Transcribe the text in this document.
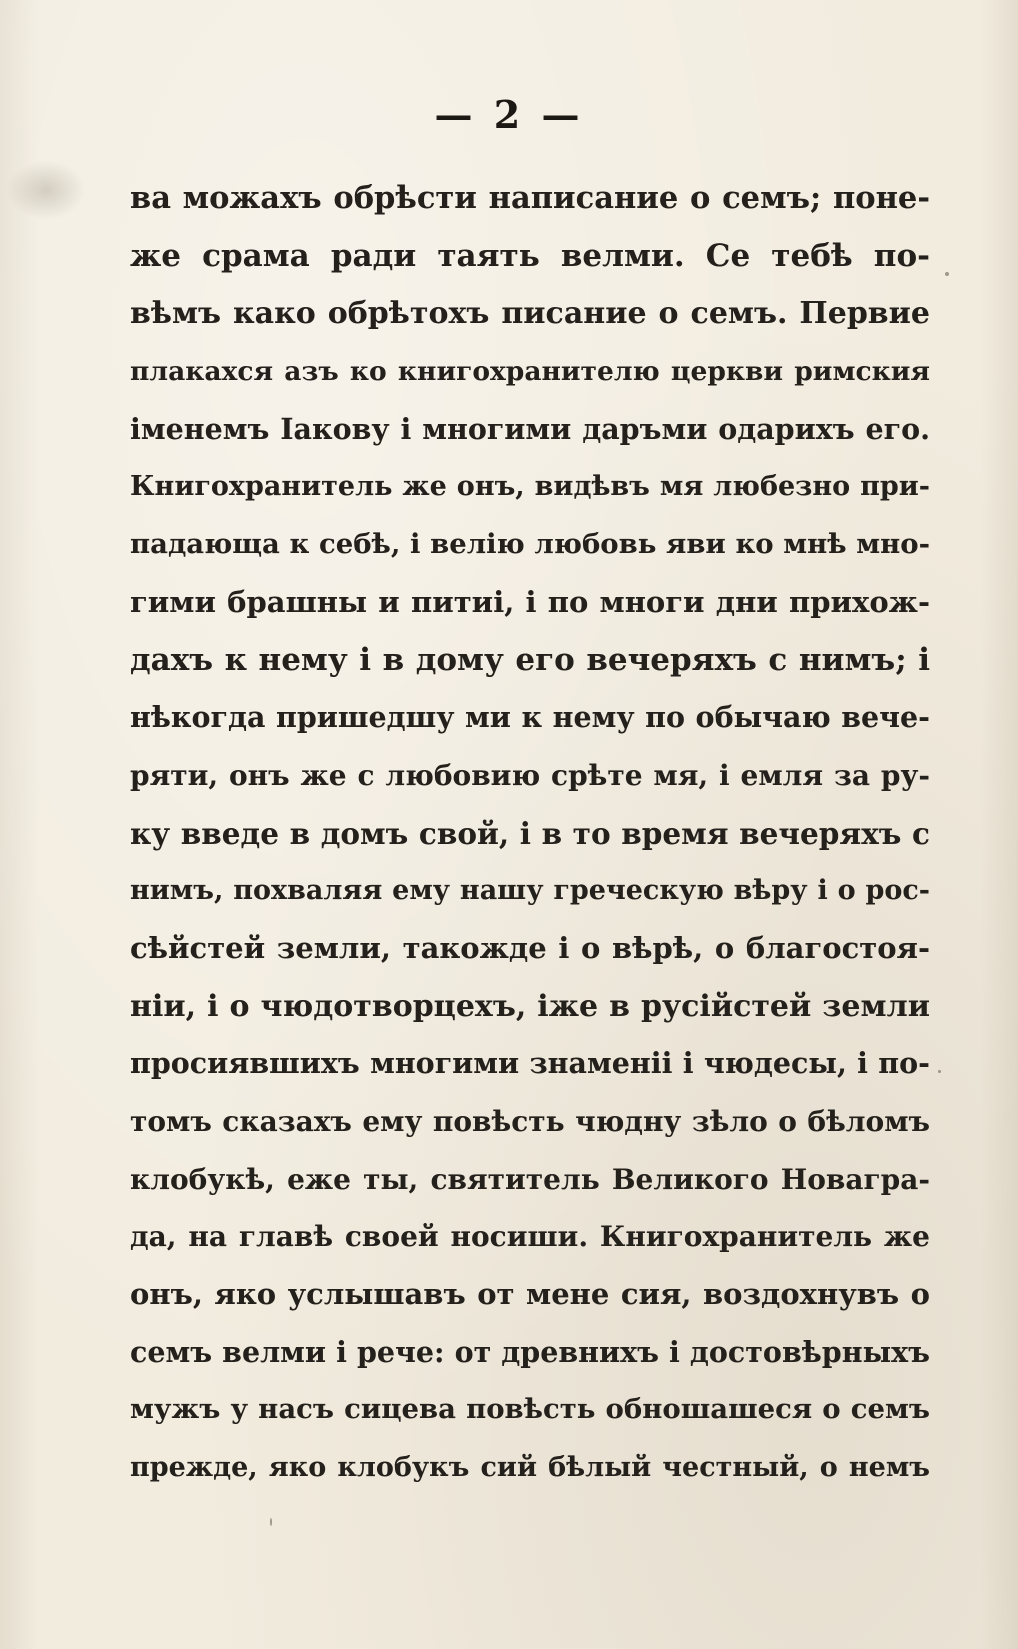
— 2 —
ва можахъ обрѣсти написание о семъ; поне-
же срама ради таять велми. Се тебѣ по-
вѣмъ како обрѣтохъ писание о семъ. Первие
плакахся азъ ко книгохранителю церкви римския
іменемъ Іакову і многими даръми одарихъ его.
Книгохранитель же онъ, видѣвъ мя любезно при-
падающа к себѣ, і велію любовь яви ко мнѣ мно-
гими брашны и питиі, і по многи дни прихож-
дахъ к нему і в дому его вечеряхъ с нимъ; і
нѣкогда пришедшу ми к нему по обычаю вече-
ряти, онъ же с любовию срѣте мя, і емля за ру-
ку введе в домъ свой, і в то время вечеряхъ с
нимъ, похваляя ему нашу греческую вѣру і о рос-
сѣйстей земли, такожде і о вѣрѣ, о благостоя-
ніи, і о чюдотворцехъ, іже в русійстей земли
просиявшихъ многими знаменіі і чюдесы, і по-
томъ сказахъ ему повѣсть чюдну зѣло о бѣломъ
клобукѣ, еже ты, святитель Великого Новагра-
да, на главѣ своей носиши. Книгохранитель же
онъ, яко услышавъ от мене сия, воздохнувъ о
семъ велми і рече: от древнихъ і достовѣрныхъ
мужъ у насъ сицева повѣсть обношашеся о семъ
прежде, яко клобукъ сий бѣлый честный, о немъ
